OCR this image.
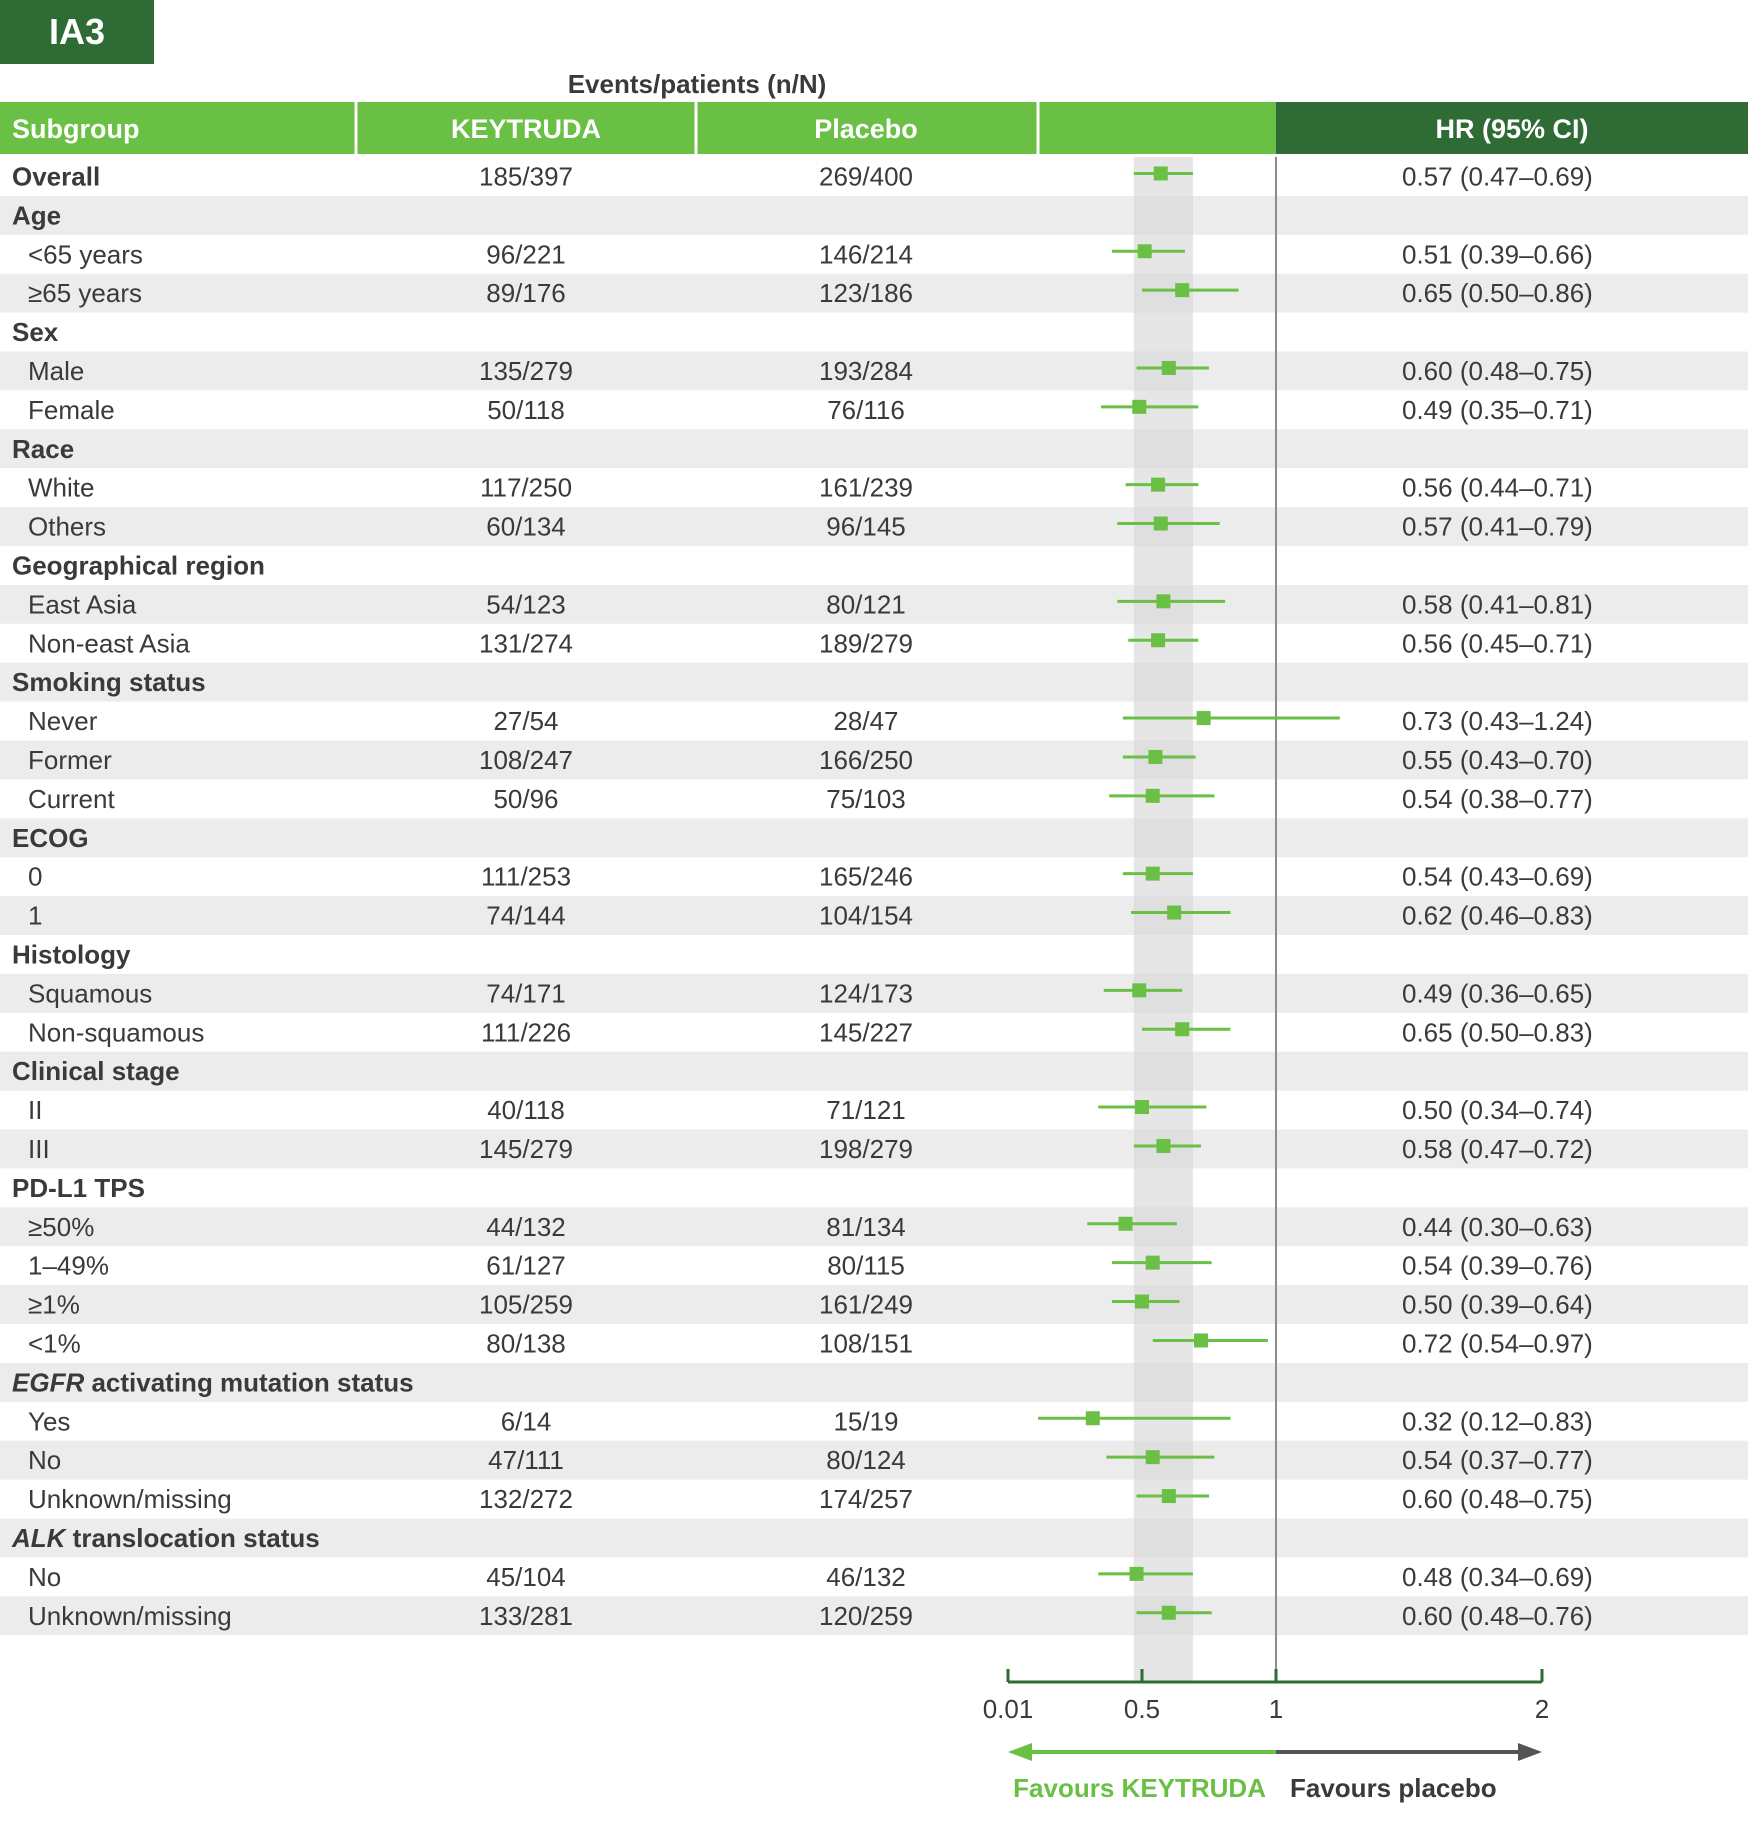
IA3
Events/patients (n/N)
Subgroup	KEYTRUDA	Placebo	HR (95% CI)
Overall	185/397	269/400	0.57 (0.47–0.69)
Age
<65 years	96/221	146/214	0.51 (0.39–0.66)
≥65 years	89/176	123/186	0.65 (0.50–0.86)
Sex
Male	135/279	193/284	0.60 (0.48–0.75)
Female	50/118	76/116	0.49 (0.35–0.71)
Race
White	117/250	161/239	0.56 (0.44–0.71)
Others	60/134	96/145	0.57 (0.41–0.79)
Geographical region
East Asia	54/123	80/121	0.58 (0.41–0.81)
Non-east Asia	131/274	189/279	0.56 (0.45–0.71)
Smoking status
Never	27/54	28/47	0.73 (0.43–1.24)
Former	108/247	166/250	0.55 (0.43–0.70)
Current	50/96	75/103	0.54 (0.38–0.77)
ECOG
0	111/253	165/246	0.54 (0.43–0.69)
1	74/144	104/154	0.62 (0.46–0.83)
Histology
Squamous	74/171	124/173	0.49 (0.36–0.65)
Non-squamous	111/226	145/227	0.65 (0.50–0.83)
Clinical stage
II	40/118	71/121	0.50 (0.34–0.74)
III	145/279	198/279	0.58 (0.47–0.72)
PD-L1 TPS
≥50%	44/132	81/134	0.44 (0.30–0.63)
1–49%	61/127	80/115	0.54 (0.39–0.76)
≥1%	105/259	161/249	0.50 (0.39–0.64)
<1%	80/138	108/151	0.72 (0.54–0.97)
EGFR activating mutation status
Yes	6/14	15/19	0.32 (0.12–0.83)
No	47/111	80/124	0.54 (0.37–0.77)
Unknown/missing	132/272	174/257	0.60 (0.48–0.75)
ALK translocation status
No	45/104	46/132	0.48 (0.34–0.69)
Unknown/missing	133/281	120/259	0.60 (0.48–0.76)
0.01	0.5	1	2
Favours KEYTRUDA Favours placebo
